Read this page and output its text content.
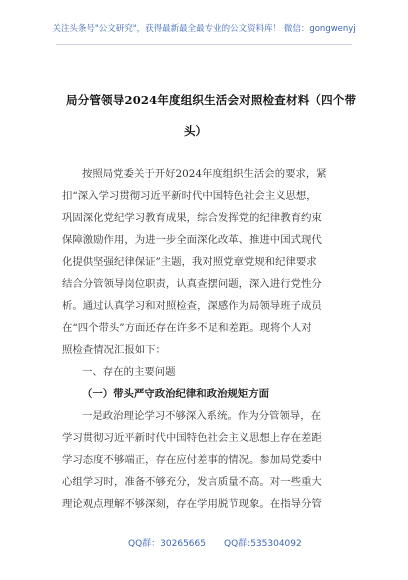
关注头条号"公文研究"，获得最新最全最专业的公文资料库！ 微信：gongwenyj
局分管领导2024年度组织生活会对照检查材料（四个带
头）
按照局党委关于开好2024年度组织生活会的要求，紧
扣“深入学习贯彻习近平新时代中国特色社会主义思想，
巩固深化党纪学习教育成果，综合发挥党的纪律教育约束
保障激励作用，为进一步全面深化改革、推进中国式现代
化提供坚强纪律保证”主题，我对照党章党规和纪律要求
结合分管领导岗位职责，认真查摆问题，深入进行党性分
析。通过认真学习和对照检查，深感作为局领导班子成员
在“四个带头”方面还存在许多不足和差距。现将个人对
照检查情况汇报如下：
一、存在的主要问题
（一）带头严守政治纪律和政治规矩方面
一是政治理论学习不够深入系统。作为分管领导，在
学习贯彻习近平新时代中国特色社会主义思想上存在差距
学习态度不够端正，存在应付差事的情况。参加局党委中
心组学习时，准备不够充分，发言质量不高。对一些重大
理论观点理解不够深刻，存在学用脱节现象。在指导分管
QQ群：30265665 QQ群:535304092
